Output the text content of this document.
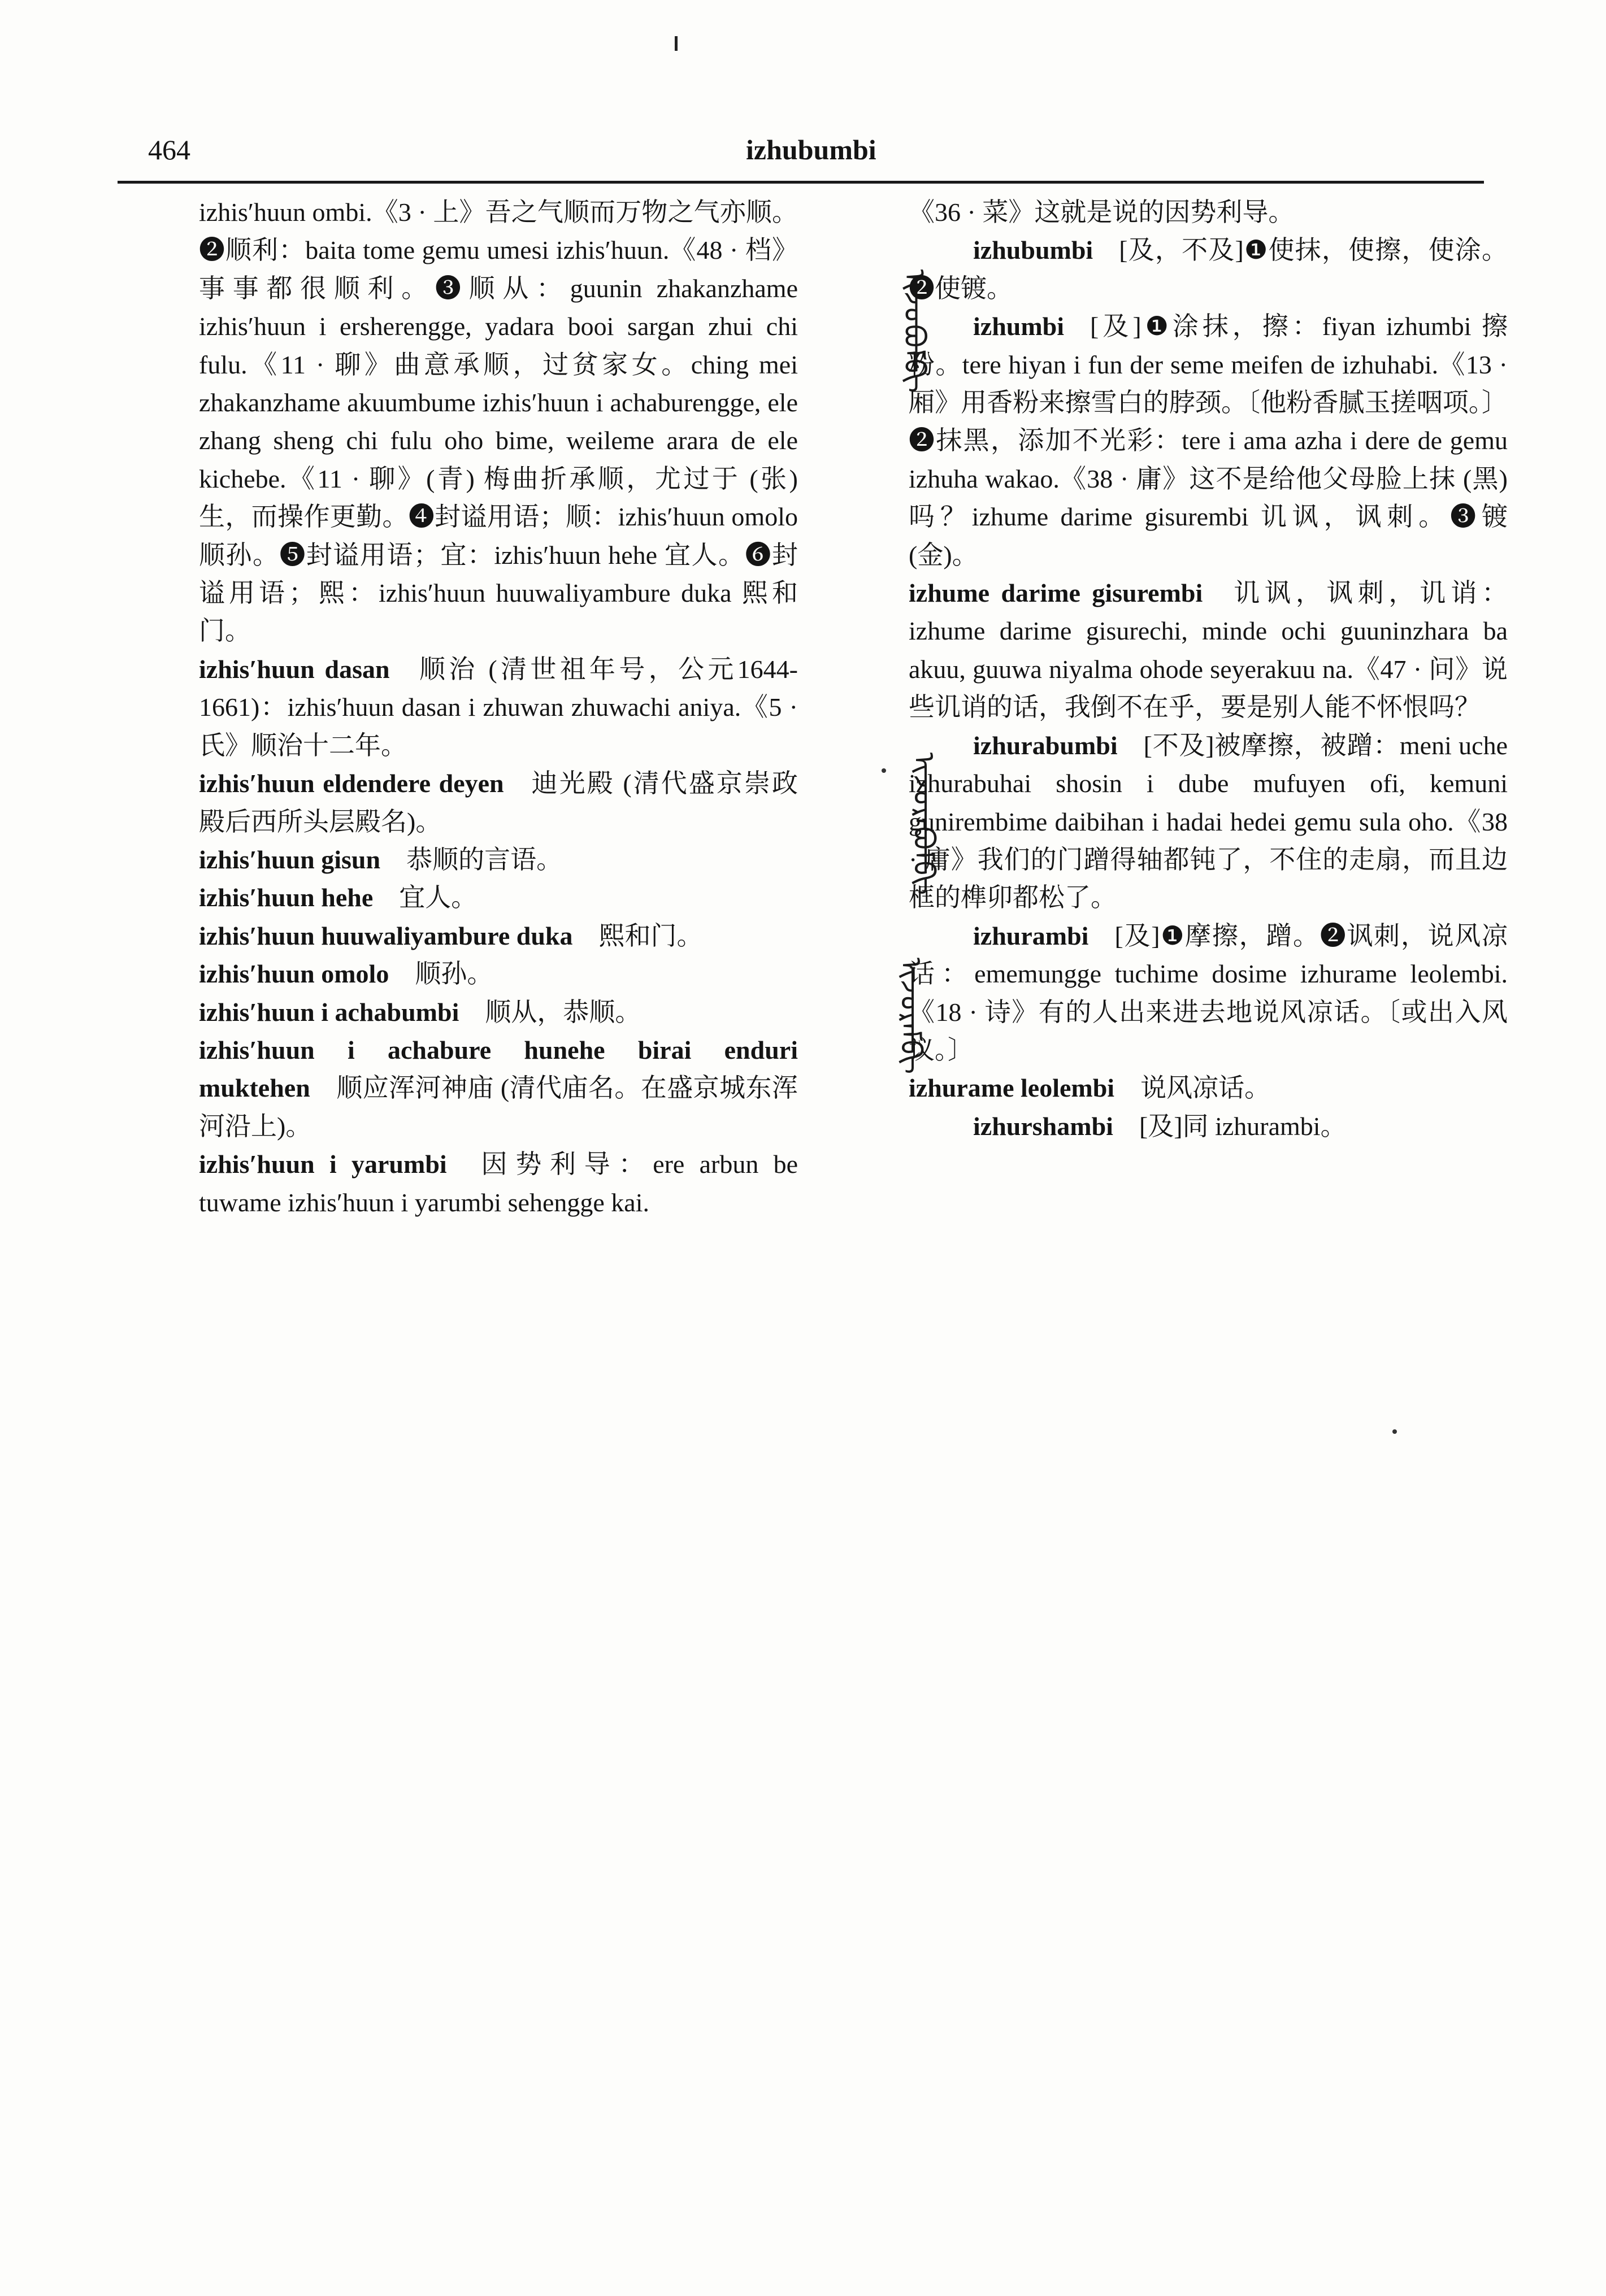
464	izhubumbi

izhis′huun ombi.《3 · 上》吾之气顺而万物之气亦顺。❷顺利：baita tome gemu umesi izhis′huun.《48 · 档》事事都很顺利。❸顺从：guunin zhakanzhame izhis′huun i ersherengge, yadara booi sargan zhui chi fulu.《11 · 聊》曲意承顺，过贫家女。ching mei zhakanzhame akuumbume izhis′huun i achaburengge, ele zhang sheng chi fulu oho bime, weileme arara de ele kichebe.《11 · 聊》(青) 梅曲折承顺，尤过于 (张) 生，而操作更勤。❹封谥用语；顺：izhis′huun omolo 顺孙。❺封谥用语；宜：izhis′huun hehe 宜人。❻封谥用语；熙：izhis′huun huuwaliyambure duka 熙和门。

izhis′huun dasan  顺治 (清世祖年号，公元1644- 1661)：izhis′huun dasan i zhuwan zhuwachi aniya.《5 · 氏》顺治十二年。

izhis′huun eldendere deyen  迪光殿 (清代盛京崇政殿后西所头层殿名)。

izhis′huun gisun  恭顺的言语。

izhis′huun hehe  宜人。

izhis′huun huuwaliyambure duka  熙和门。

izhis′huun omolo  顺孙。

izhis′huun i achabumbi  顺从，恭顺。

izhis′huun i achabure hunehe birai enduri muktehen  顺应浑河神庙 (清代庙名。在盛京城东浑河沿上)。

izhis′huun i yarumbi  因势利导：ere arbun be tuwame izhis′huun i yarumbi sehengge kai.

ᠢᠵᠤᠪᠤᠮᠪᠢ
ᠢᠵᠤᠷᠠᠪᠤᠮᠪᠢ
ᠢᠵᠤᠷᠠᠮᠪᠢ

《36 · 菜》这就是说的因势利导。

izhubumbi  [及，不及]❶使抹，使擦，使涂。❷使镀。

izhumbi  [及]❶涂抹，擦：fiyan izhumbi 擦粉。tere hiyan i fun der seme meifen de izhuhabi.《13 · 厢》用香粉来擦雪白的脖颈。〔他粉香腻玉搓咽项。〕❷抹黑，添加不光彩：tere i ama azha i dere de gemu izhuha wakao.《38 · 庸》这不是给他父母脸上抹 (黑) 吗？izhume darime gisurembi 讥讽，讽刺。❸镀 (金)。

izhume darime gisurembi  讥讽，讽刺，讥诮：izhume darime gisurechi, minde ochi guuninzhara ba akuu, guuwa niyalma ohode seyerakuu na.《47 · 问》说些讥诮的话，我倒不在乎，要是别人能不怀恨吗？

izhurabumbi  [不及]被摩擦，被蹭：meni uche izhurabuhai shosin i dube mufuyen ofi, kemuni gunirembime daibihan i hadai hedei gemu sula oho.《38 · 庸》我们的门蹭得轴都钝了，不住的走扇，而且边框的榫卯都松了。

izhurambi  [及]❶摩擦，蹭。❷讽刺，说风凉话：ememungge tuchime dosime izhurame leolembi.《18 · 诗》有的人出来进去地说风凉话。〔或出入风议。〕

izhurame leolembi  说风凉话。

izhurshambi  [及]同 izhurambi。
